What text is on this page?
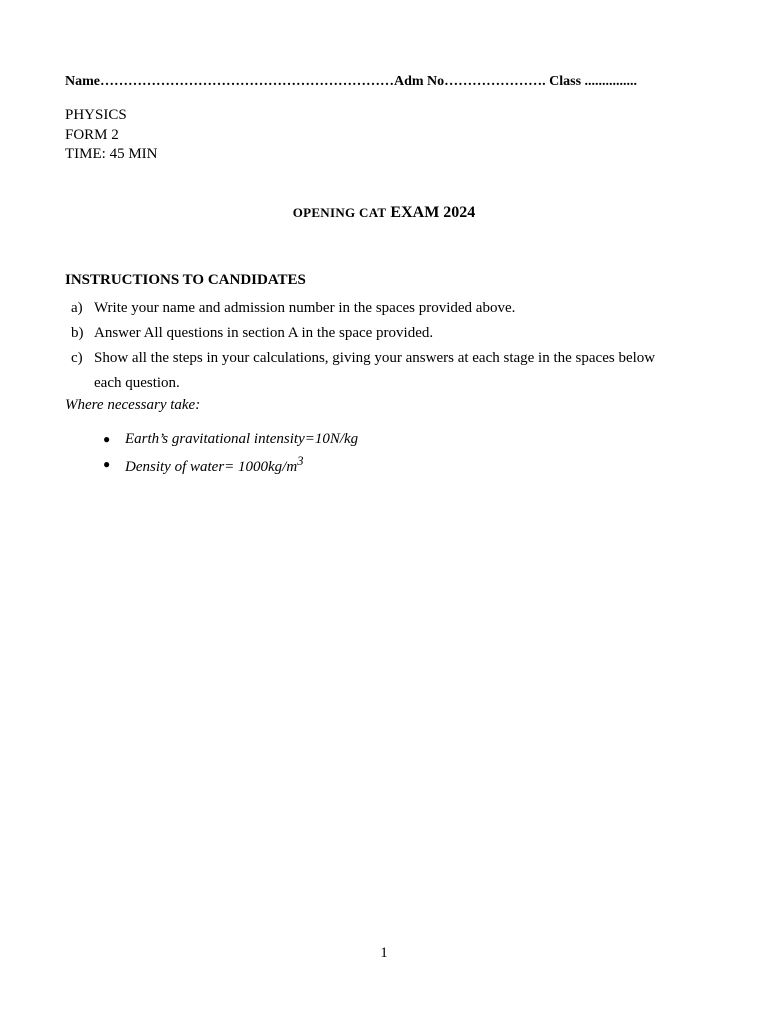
Name………………………………………………………Adm No…………………. Class ...............
PHYSICS
FORM 2
TIME: 45 MIN
OPENING CAT EXAM 2024
INSTRUCTIONS TO CANDIDATES
a) Write your name and admission number in the spaces provided above.
b) Answer All questions in section A in the space provided.
c) Show all the steps in your calculations, giving your answers at each stage in the spaces below each question.
Where necessary take:
● Earth’s gravitational intensity=10N/kg
● Density of water= $1000kg/m^3$
1
